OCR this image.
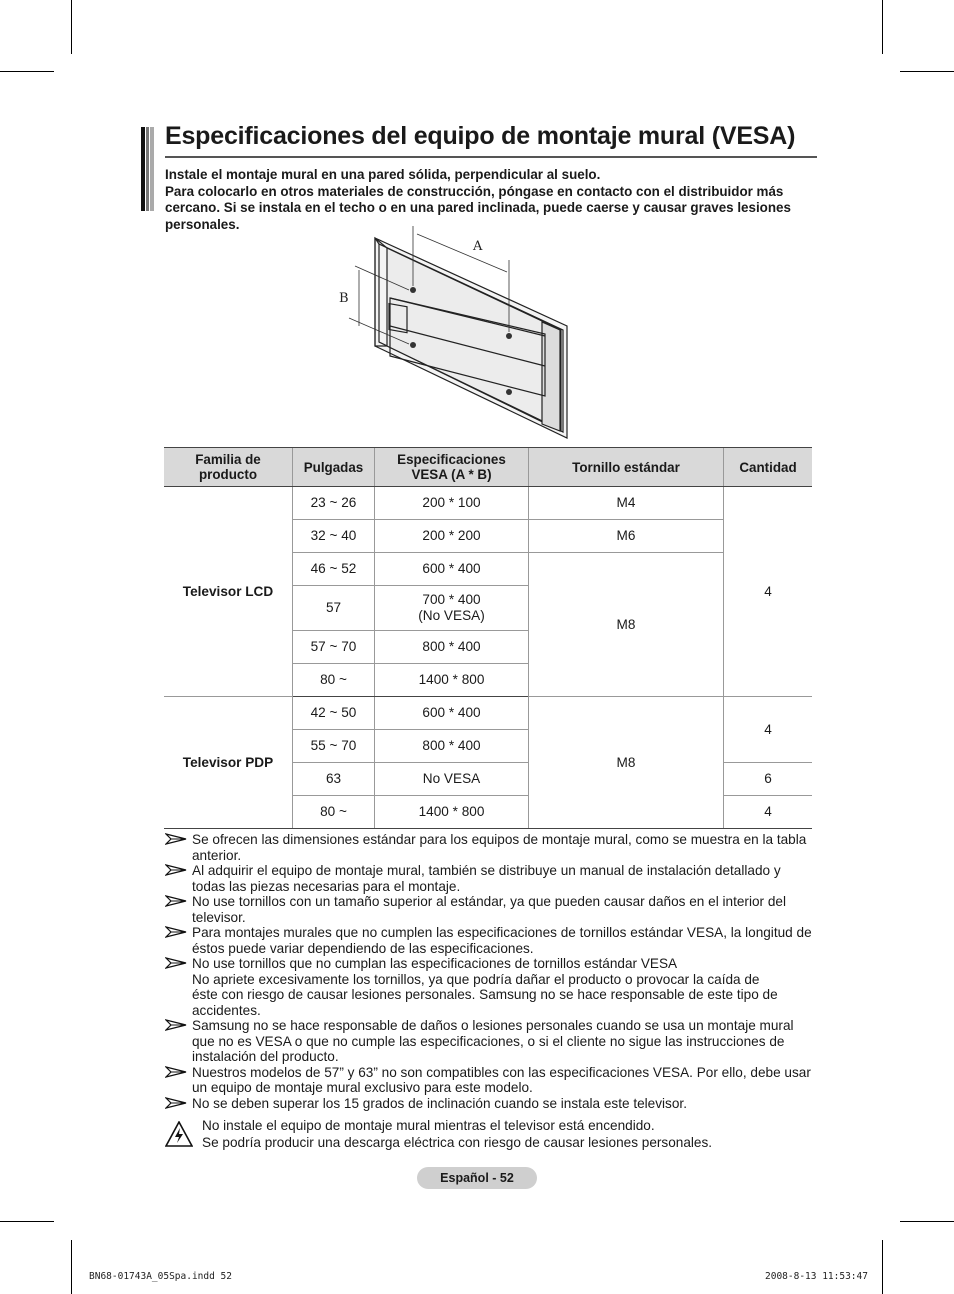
Especificaciones del equipo de montaje mural (VESA)

Instale el montaje mural en una pared sólida, perpendicular al suelo.

Para colocarlo en otros materiales de construcción, póngase en contacto con el distribuidor más cercano. Si se instala en el techo o en una pared inclinada, puede caerse y causar graves lesiones personales.

A
B
Familia de producto	Pulgadas	Especificaciones VESA (A * B)	Tornillo estándar	Cantidad
Televisor LCD	23 ~ 26	200 * 100	M4	4
	32 ~ 40	200 * 200	M6	
	46 ~ 52	600 * 400	M8	
	57	700 * 400
(No VESA)		
	57 ~ 70	800 * 400		
	80 ~	1400 * 800		
Televisor PDP	42 ~ 50	600 * 400	M8	4
	55 ~ 70	800 * 400		
	63	No VESA		6
	80 ~	1400 * 800		4

Se ofrecen las dimensiones estándar para los equipos de montaje mural, como se muestra en la tabla anterior.

Al adquirir el equipo de montaje mural, también se distribuye un manual de instalación detallado y todas las piezas necesarias para el montaje.

No use tornillos con un tamaño superior al estándar, ya que pueden causar daños en el interior del televisor.

Para montajes murales que no cumplen las especificaciones de tornillos estándar VESA, la longitud de éstos puede variar dependiendo de las especificaciones.

No use tornillos que no cumplan las especificaciones de tornillos estándar VESA

No apriete excesivamente los tornillos, ya que podría dañar el producto o provocar la caída de

éste con riesgo de causar lesiones personales. Samsung no se hace responsable de este tipo de accidentes.

Samsung no se hace responsable de daños o lesiones personales cuando se usa un montaje mural que no es VESA o que no cumple las especificaciones, o si el cliente no sigue las instrucciones de instalación del producto.

Nuestros modelos de 57” y 63” no son compatibles con las especificaciones VESA. Por ello, debe usar un equipo de montaje mural exclusivo para este modelo.

No se deben superar los 15 grados de inclinación cuando se instala este televisor.

No instale el equipo de montaje mural mientras el televisor está encendido.

Se podría producir una descarga eléctrica con riesgo de causar lesiones personales.

Español - 52
BN68-01743A_05Spa.indd 52	2008-8-13 11:53:47
